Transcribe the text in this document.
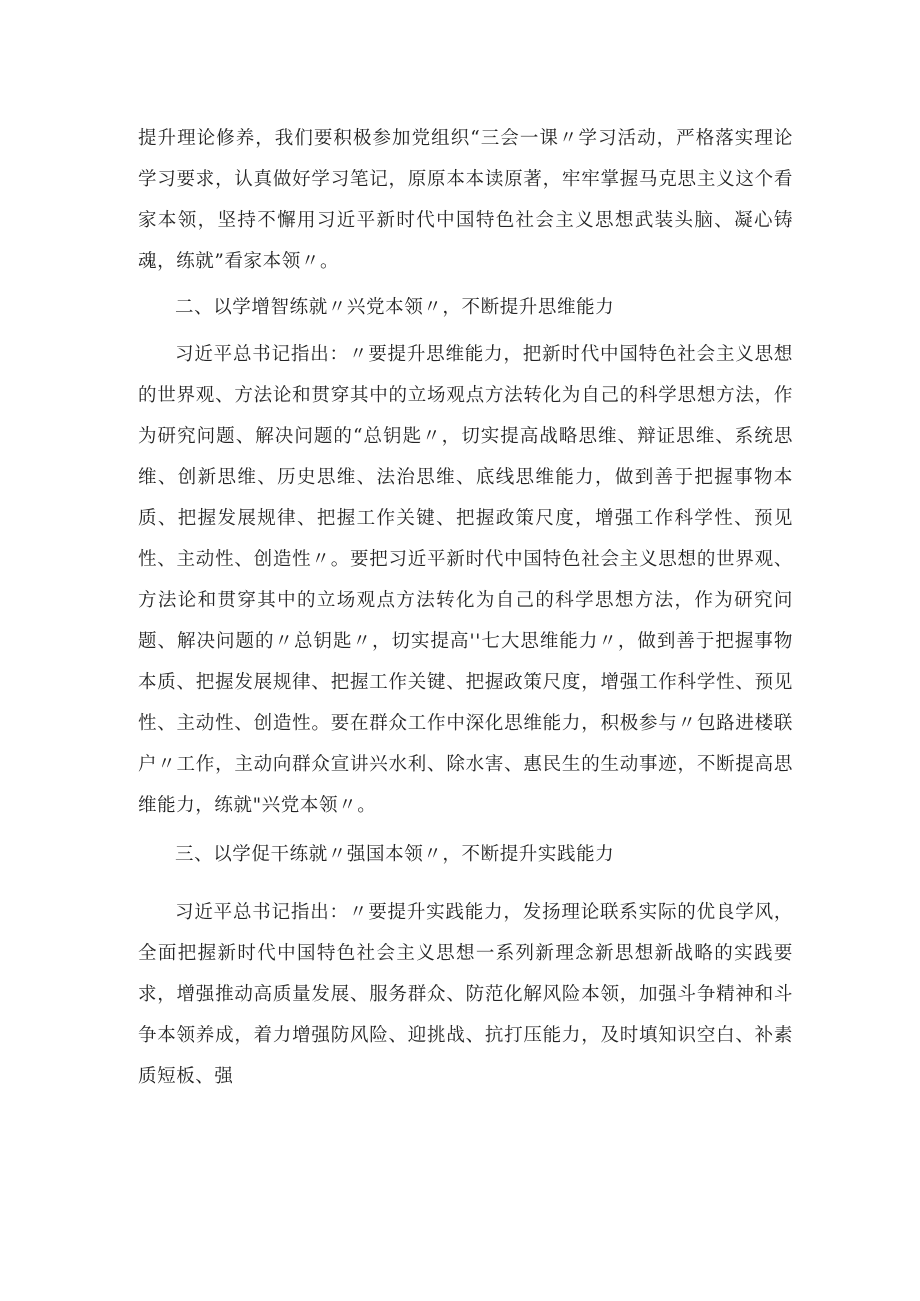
提升理论修养，我们要积极参加党组织“三会一课〃学习活动，严格落实理论学习要求，认真做好学习笔记，原原本本读原著，牢牢掌握马克思主义这个看家本领，坚持不懈用习近平新时代中国特色社会主义思想武装头脑、凝心铸魂，练就”看家本领〃。

二、以学增智练就〃兴党本领〃，不断提升思维能力

习近平总书记指出：〃要提升思维能力，把新时代中国特色社会主义思想的世界观、方法论和贯穿其中的立场观点方法转化为自己的科学思想方法，作为研究问题、解决问题的“总钥匙〃，切实提高战略思维、辩证思维、系统思维、创新思维、历史思维、法治思维、底线思维能力，做到善于把握事物本质、把握发展规律、把握工作关键、把握政策尺度，增强工作科学性、预见性、主动性、创造性〃。要把习近平新时代中国特色社会主义思想的世界观、方法论和贯穿其中的立场观点方法转化为自己的科学思想方法，作为研究问题、解决问题的〃总钥匙〃，切实提高''七大思维能力〃，做到善于把握事物本质、把握发展规律、把握工作关键、把握政策尺度，增强工作科学性、预见性、主动性、创造性。要在群众工作中深化思维能力，积极参与〃包路进楼联户〃工作，主动向群众宣讲兴水利、除水害、惠民生的生动事迹，不断提高思维能力，练就"兴党本领〃。

三、以学促干练就〃强国本领〃，不断提升实践能力

习近平总书记指出：〃要提升实践能力，发扬理论联系实际的优良学风，全面把握新时代中国特色社会主义思想一系列新理念新思想新战略的实践要求，增强推动高质量发展、服务群众、防范化解风险本领，加强斗争精神和斗争本领养成，着力增强防风险、迎挑战、抗打压能力，及时填知识空白、补素质短板、强
